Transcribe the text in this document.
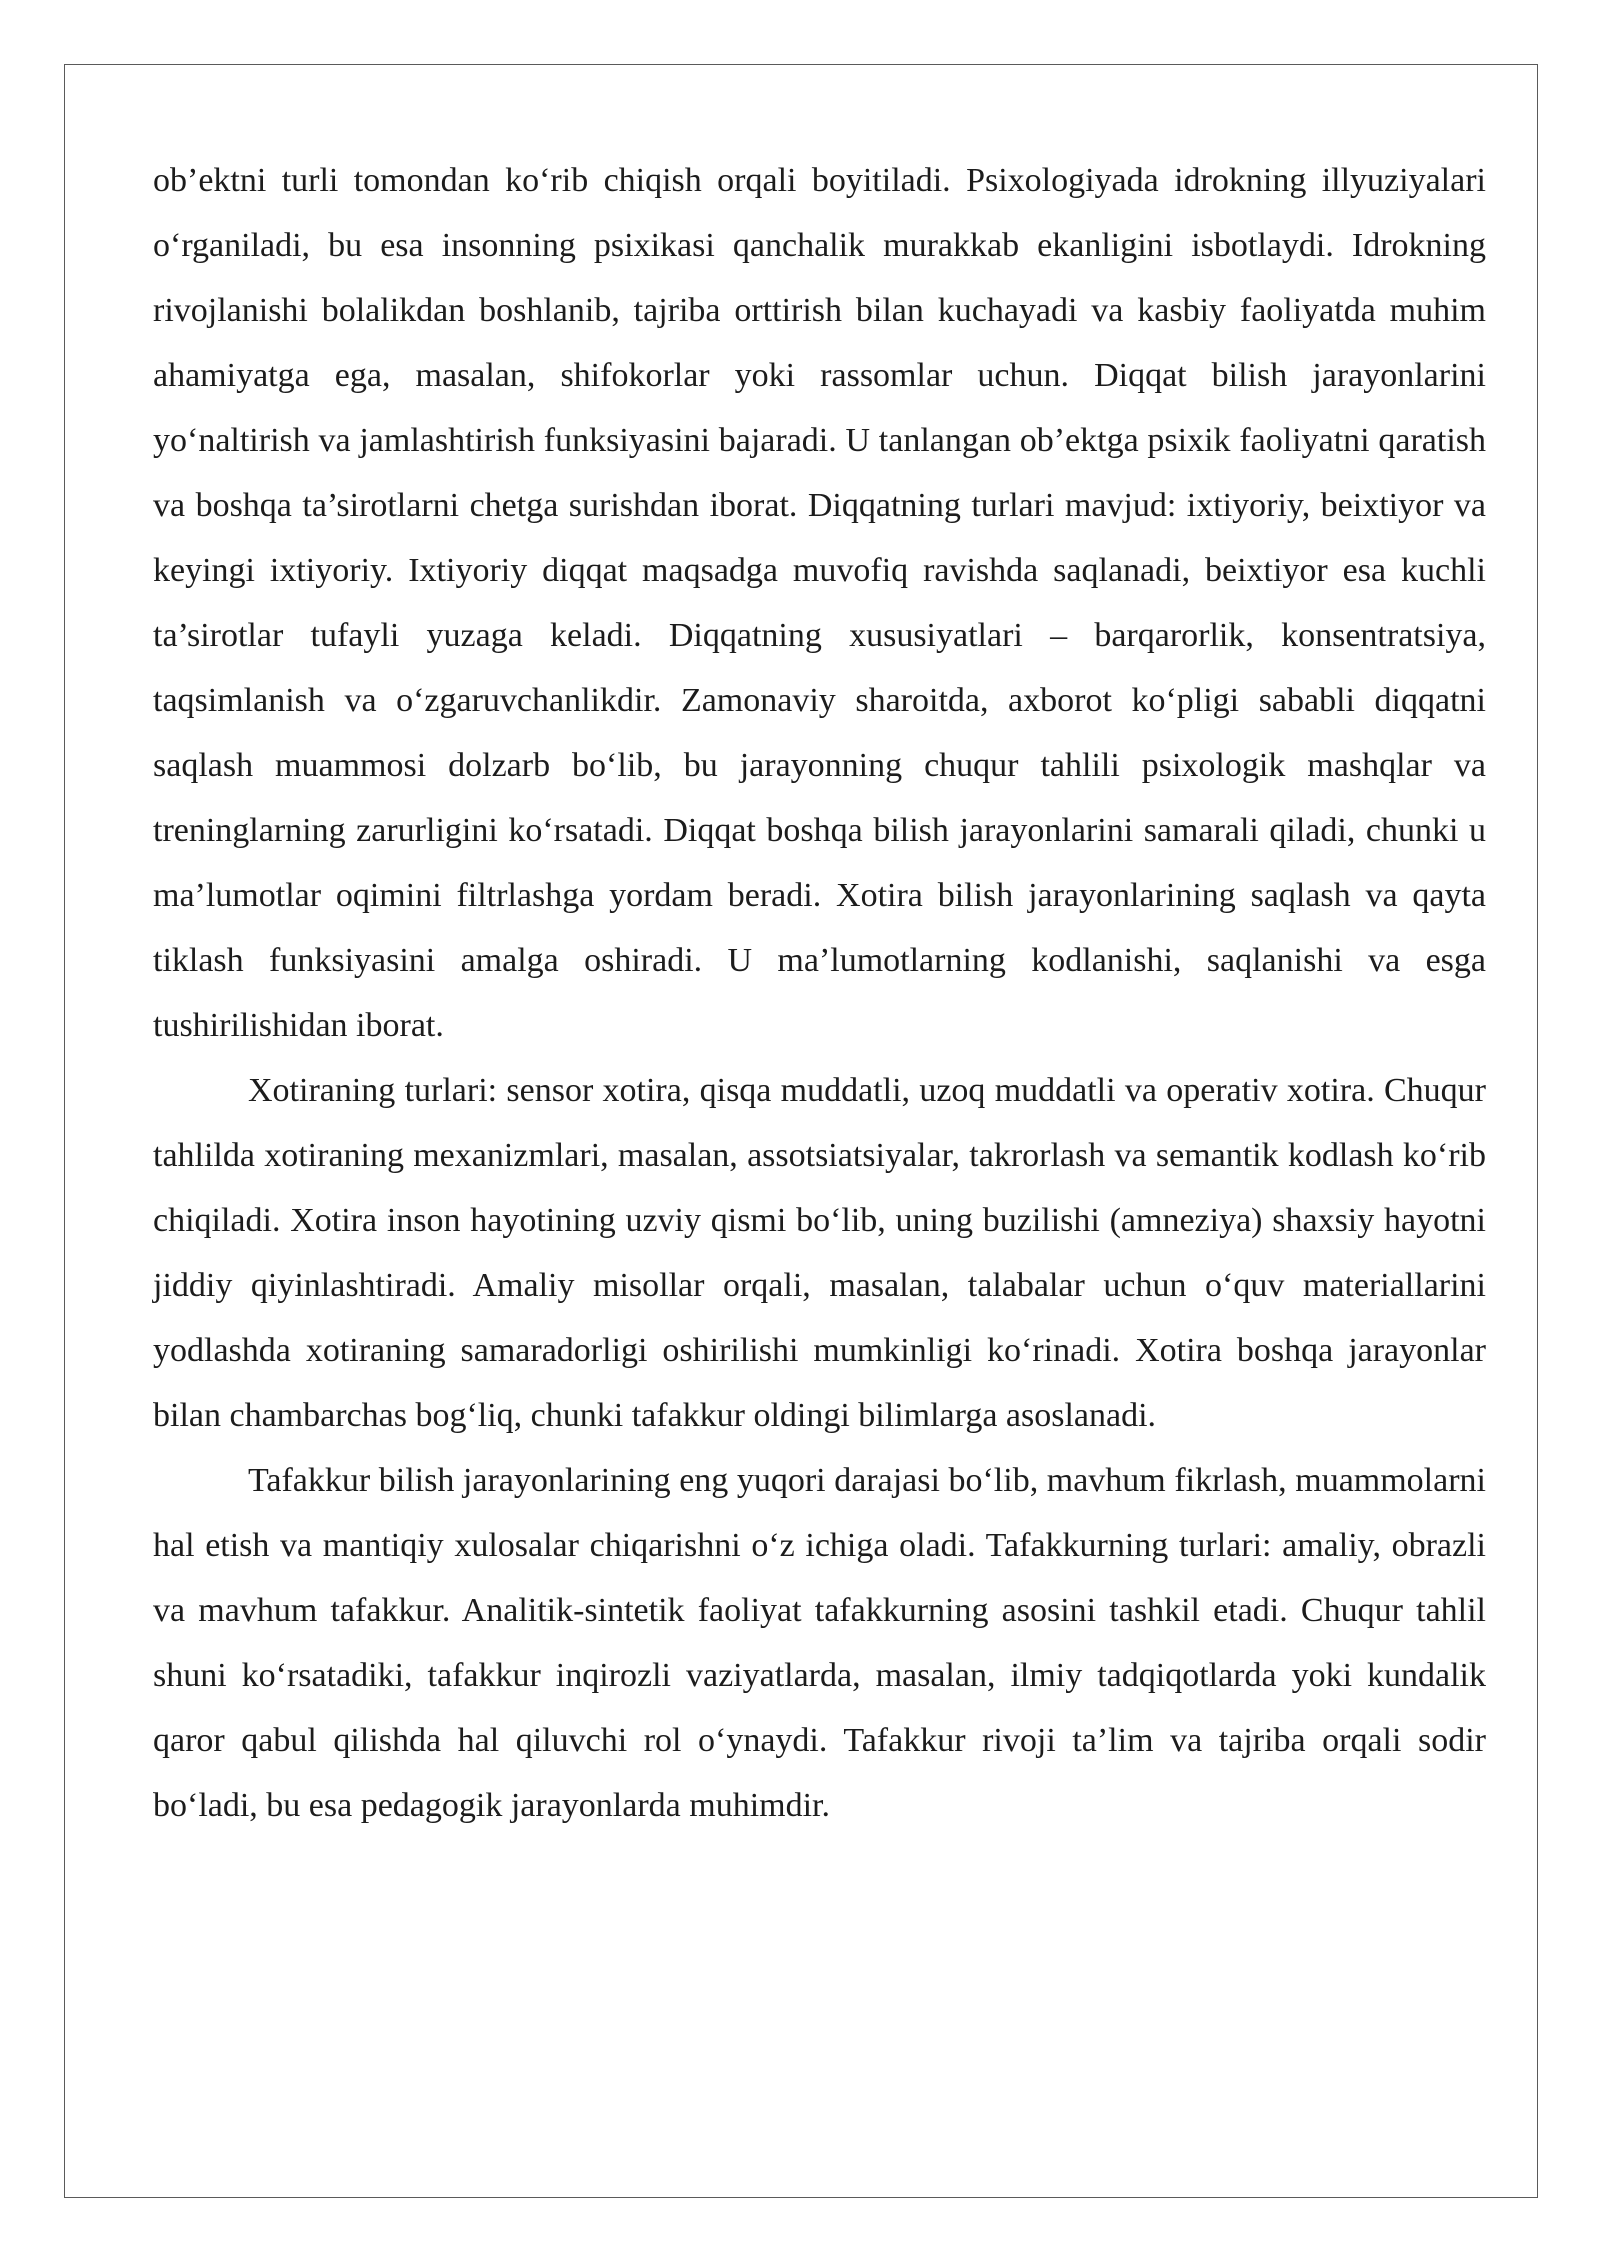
ob’ektni turli tomondan ko‘rib chiqish orqali boyitiladi. Psixologiyada idrokning illyuziyalari o‘rganiladi, bu esa insonning psixikasi qanchalik murakkab ekanligini isbotlaydi. Idrokning rivojlanishi bolalikdan boshlanib, tajriba orttirish bilan kuchayadi va kasbiy faoliyatda muhim ahamiyatga ega, masalan, shifokorlar yoki rassomlar uchun. Diqqat bilish jarayonlarini yo‘naltirish va jamlashtirish funksiyasini bajaradi. U tanlangan ob’ektga psixik faoliyatni qaratish va boshqa ta’sirotlarni chetga surishdan iborat. Diqqatning turlari mavjud: ixtiyoriy, beixtiyor va keyingi ixtiyoriy. Ixtiyoriy diqqat maqsadga muvofiq ravishda saqlanadi, beixtiyor esa kuchli ta’sirotlar tufayli yuzaga keladi. Diqqatning xususiyatlari – barqarorlik, konsentratsiya, taqsimlanish va o‘zgaruvchanlikdir. Zamonaviy sharoitda, axborot ko‘pligi sababli diqqatni saqlash muammosi dolzarb bo‘lib, bu jarayonning chuqur tahlili psixologik mashqlar va treninglarning zarurligini ko‘rsatadi. Diqqat boshqa bilish jarayonlarini samarali qiladi, chunki u ma’lumotlar oqimini filtrlashga yordam beradi. Xotira bilish jarayonlarining saqlash va qayta tiklash funksiyasini amalga oshiradi. U ma’lumotlarning kodlanishi, saqlanishi va esga tushirilishidan iborat.

Xotiraning turlari: sensor xotira, qisqa muddatli, uzoq muddatli va operativ xotira. Chuqur tahlilda xotiraning mexanizmlari, masalan, assotsiatsiyalar, takrorlash va semantik kodlash ko‘rib chiqiladi. Xotira inson hayotining uzviy qismi bo‘lib, uning buzilishi (amneziya) shaxsiy hayotni jiddiy qiyinlashtiradi. Amaliy misollar orqali, masalan, talabalar uchun o‘quv materiallarini yodlashda xotiraning samaradorligi oshirilishi mumkinligi ko‘rinadi. Xotira boshqa jarayonlar bilan chambarchas bog‘liq, chunki tafakkur oldingi bilimlarga asoslanadi.

Tafakkur bilish jarayonlarining eng yuqori darajasi bo‘lib, mavhum fikrlash, muammolarni hal etish va mantiqiy xulosalar chiqarishni o‘z ichiga oladi. Tafakkurning turlari: amaliy, obrazli va mavhum tafakkur. Analitik-sintetik faoliyat tafakkurning asosini tashkil etadi. Chuqur tahlil shuni ko‘rsatadiki, tafakkur inqirozli vaziyatlarda, masalan, ilmiy tadqiqotlarda yoki kundalik qaror qabul qilishda hal qiluvchi rol o‘ynaydi. Tafakkur rivoji ta’lim va tajriba orqali sodir bo‘ladi, bu esa pedagogik jarayonlarda muhimdir.
